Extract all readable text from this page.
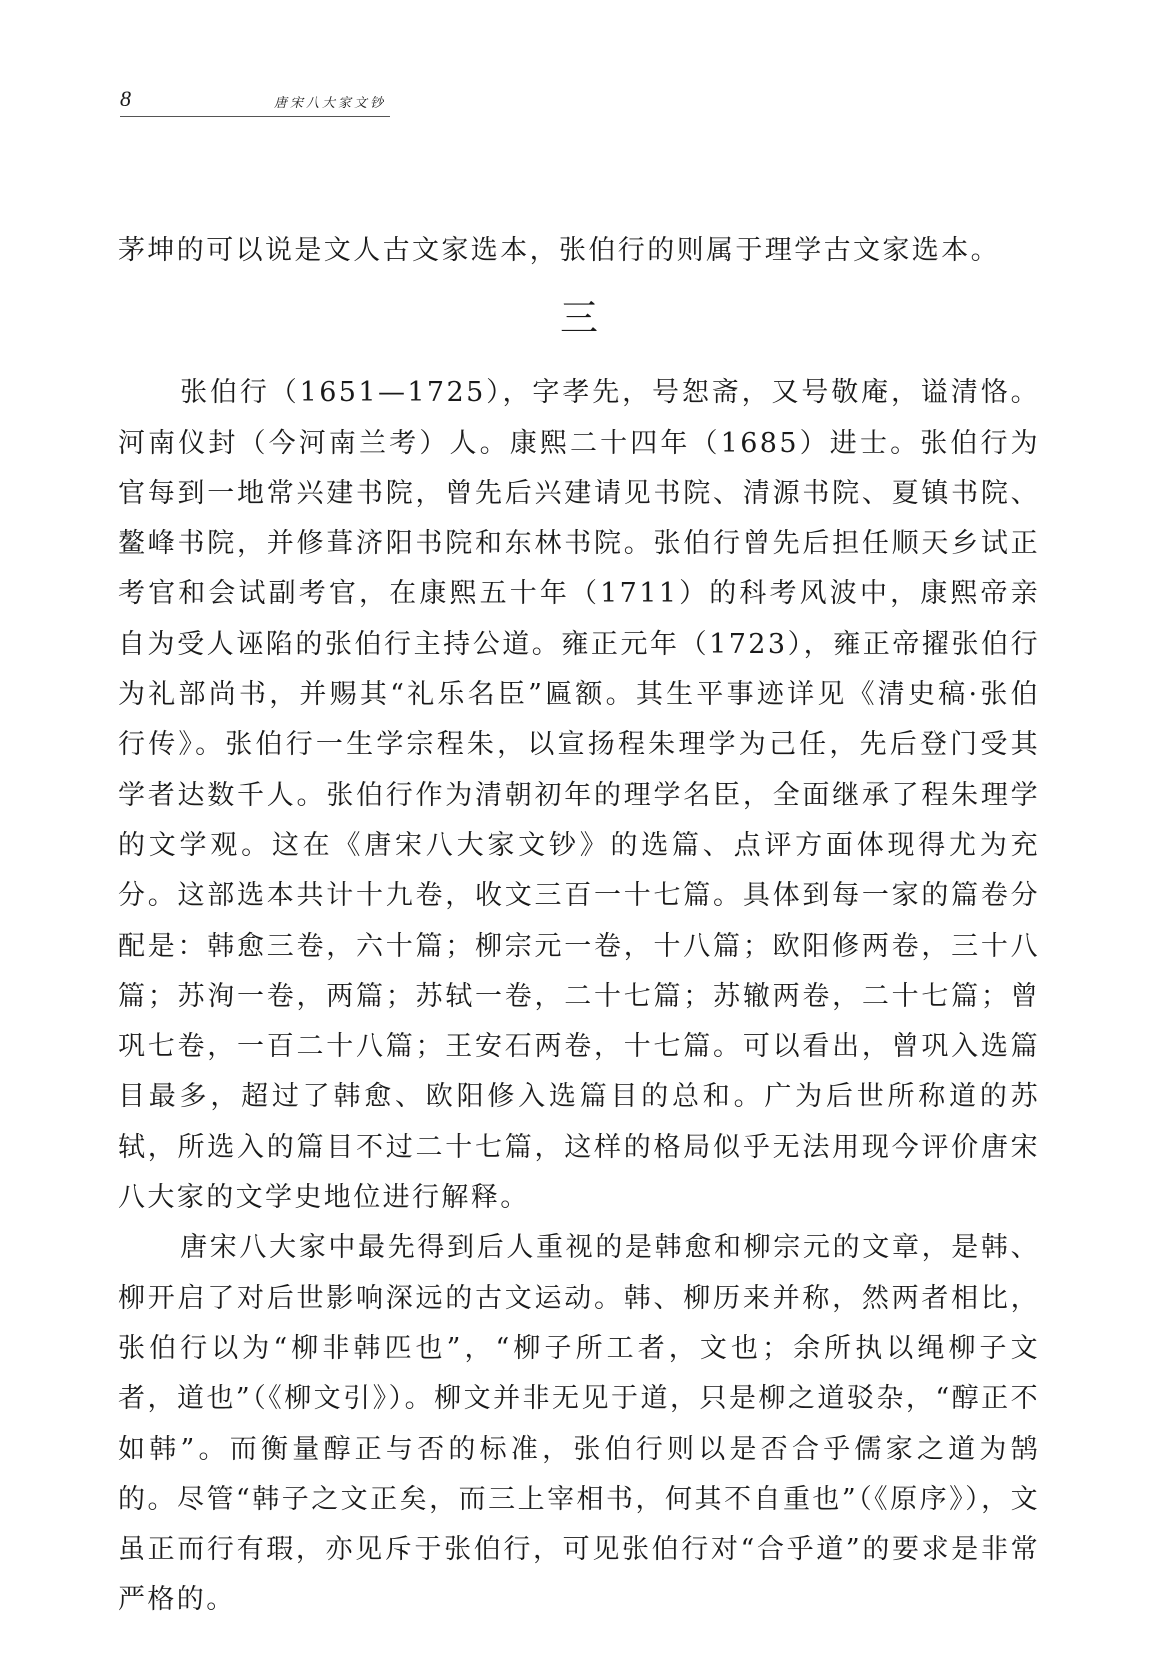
8	唐宋八大家文钞

茅坤的可以说是文人古文家选本，张伯行的则属于理学古文家选本。

三

张伯行（1651—1725），字孝先，号恕斋，又号敬庵，谥清恪。河南仪封（今河南兰考）人。康熙二十四年（1685）进士。张伯行为官每到一地常兴建书院，曾先后兴建请见书院、清源书院、夏镇书院、鳌峰书院，并修葺济阳书院和东林书院。张伯行曾先后担任顺天乡试正考官和会试副考官，在康熙五十年（1711）的科考风波中，康熙帝亲自为受人诬陷的张伯行主持公道。雍正元年（1723），雍正帝擢张伯行为礼部尚书，并赐其“礼乐名臣”匾额。其生平事迹详见《清史稿·张伯行传》。张伯行一生学宗程朱，以宣扬程朱理学为己任，先后登门受其学者达数千人。张伯行作为清朝初年的理学名臣，全面继承了程朱理学的文学观。这在《唐宋八大家文钞》的选篇、点评方面体现得尤为充分。这部选本共计十九卷，收文三百一十七篇。具体到每一家的篇卷分配是：韩愈三卷，六十篇；柳宗元一卷，十八篇；欧阳修两卷，三十八篇；苏洵一卷，两篇；苏轼一卷，二十七篇；苏辙两卷，二十七篇；曾巩七卷，一百二十八篇；王安石两卷，十七篇。可以看出，曾巩入选篇目最多，超过了韩愈、欧阳修入选篇目的总和。广为后世所称道的苏轼，所选入的篇目不过二十七篇，这样的格局似乎无法用现今评价唐宋八大家的文学史地位进行解释。

唐宋八大家中最先得到后人重视的是韩愈和柳宗元的文章，是韩、柳开启了对后世影响深远的古文运动。韩、柳历来并称，然两者相比，张伯行以为“柳非韩匹也”，“柳子所工者，文也；余所执以绳柳子文者，道也”（《柳文引》）。柳文并非无见于道，只是柳之道驳杂，“醇正不如韩”。而衡量醇正与否的标准，张伯行则以是否合乎儒家之道为鹄的。尽管“韩子之文正矣，而三上宰相书，何其不自重也”（《原序》），文虽正而行有瑕，亦见斥于张伯行，可见张伯行对“合乎道”的要求是非常严格的。
